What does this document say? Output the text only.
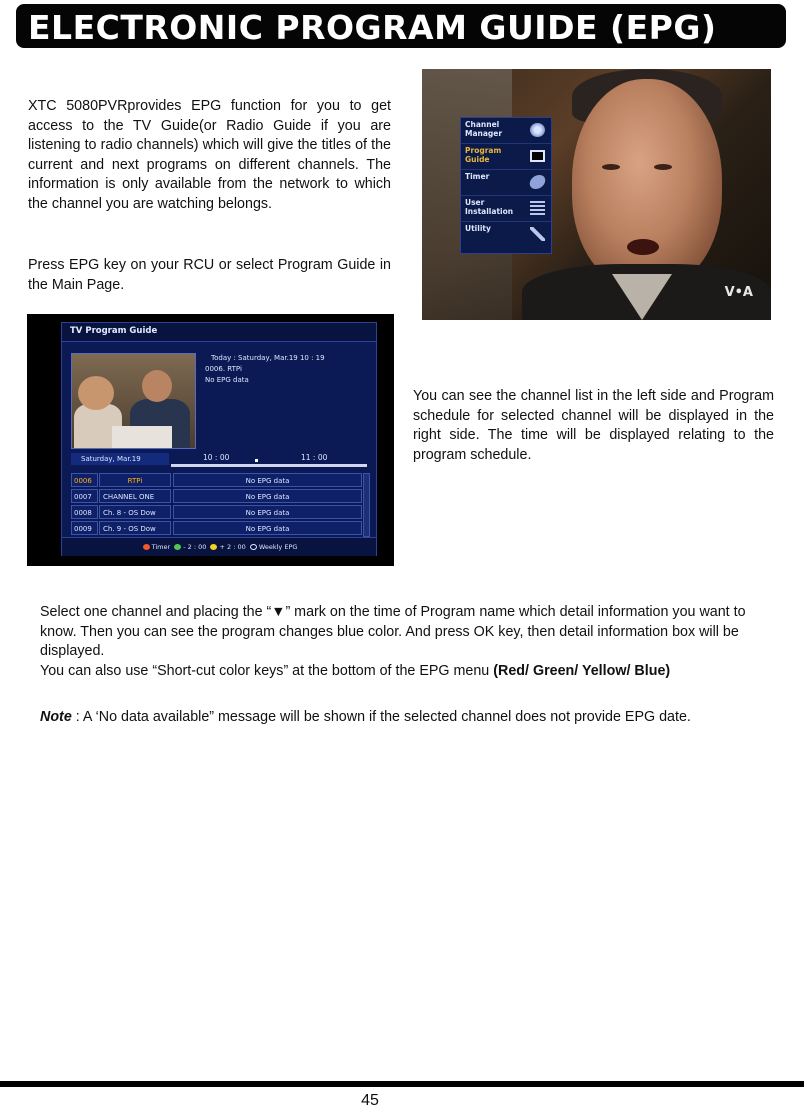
ELECTRONIC PROGRAM GUIDE (EPG)

XTC 5080PVRprovides EPG function for you to get access to the TV Guide(or Radio Guide if you are listening to radio channels) which will give the titles of the current and next programs on different channels. The information is only available from the network to which the channel you are watching belongs.

Press EPG key on your RCU or select Program Guide in the Main Page.

Channel Manager
Program Guide
Timer
User Installation
Utility
V•A
TV Program Guide
Today : Saturday, Mar.19 10 : 19
0006. RTPi
No EPG data
Saturday, Mar.19	10 : 00	11 : 00
0006	RTPi	No EPG data
0007	CHANNEL ONE	No EPG data
0008	Ch. 8 - OS Dow	No EPG data
0009	Ch. 9 - OS Dow	No EPG data
Timer - 2 : 00 + 2 : 00 Weekly EPG

You can see the channel list in the left side and Program schedule for selected channel will be displayed in the right side. The time will be displayed relating to the program schedule.

Select one channel and placing the “▼” mark on the time of Program name which detail information you want to know. Then you can see the program changes blue color. And press OK key, then detail information box will be displayed.

You can also use “Short-cut color keys” at the bottom of the EPG menu (Red/ Green/ Yellow/ Blue)

Note : A ‘No data available” message will be shown if the selected channel does not provide EPG date.

45
